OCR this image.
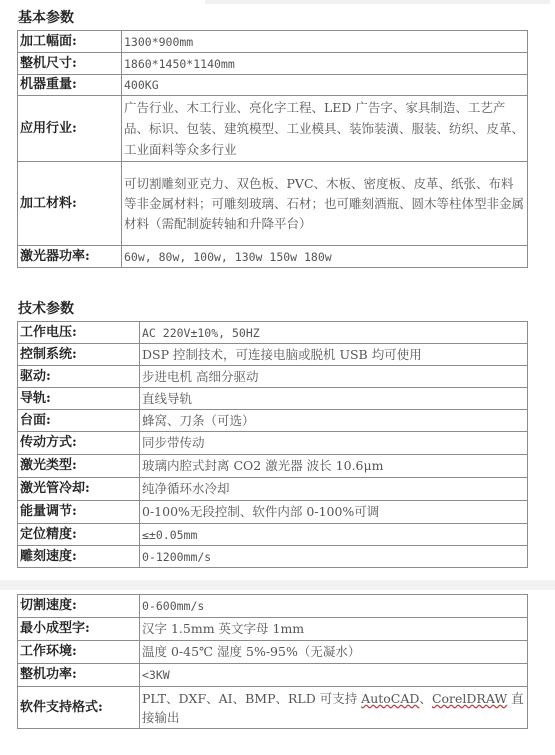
基本参数
加工幅面:	1300*900mm
整机尺寸:	1860*1450*1140mm
机器重量:	400KG
应用行业:	广告行业、木工行业、亮化字工程、LED 广告字、家具制造、工艺产品、标识、包装、建筑模型、工业模具、装饰装潢、服装、纺织、皮革、工业面料等众多行业
加工材料:	可切割雕刻亚克力、双色板、PVC、木板、密度板、皮革、纸张、布料等非金属材料；可雕刻玻璃、石材；也可雕刻酒瓶、圆木等柱体型非金属材料（需配制旋转轴和升降平台）
激光器功率:	60w, 80w, 100w, 130w 150w 180w
技术参数
工作电压:	AC 220V±10%, 50HZ
控制系统:	DSP 控制技术，可连接电脑或脱机 USB 均可使用
驱动:	步进电机 高细分驱动
导轨:	直线导轨
台面:	蜂窝、刀条（可选）
传动方式:	同步带传动
激光类型:	玻璃内腔式封离 CO2 激光器 波长 10.6μm
激光管冷却:	纯净循环水冷却
能量调节:	0-100%无段控制、软件内部 0-100%可调
定位精度:	≤±0.05mm
雕刻速度:	0-1200mm/s
切割速度:	0-600mm/s
最小成型字:	汉字 1.5mm 英文字母 1mm
工作环境:	温度 0-45℃ 湿度 5%-95%（无凝水）
整机功率:	<3KW
软件支持格式:	PLT、DXF、AI、BMP、RLD 可支持 AutoCAD、CorelDRAW 直接输出
